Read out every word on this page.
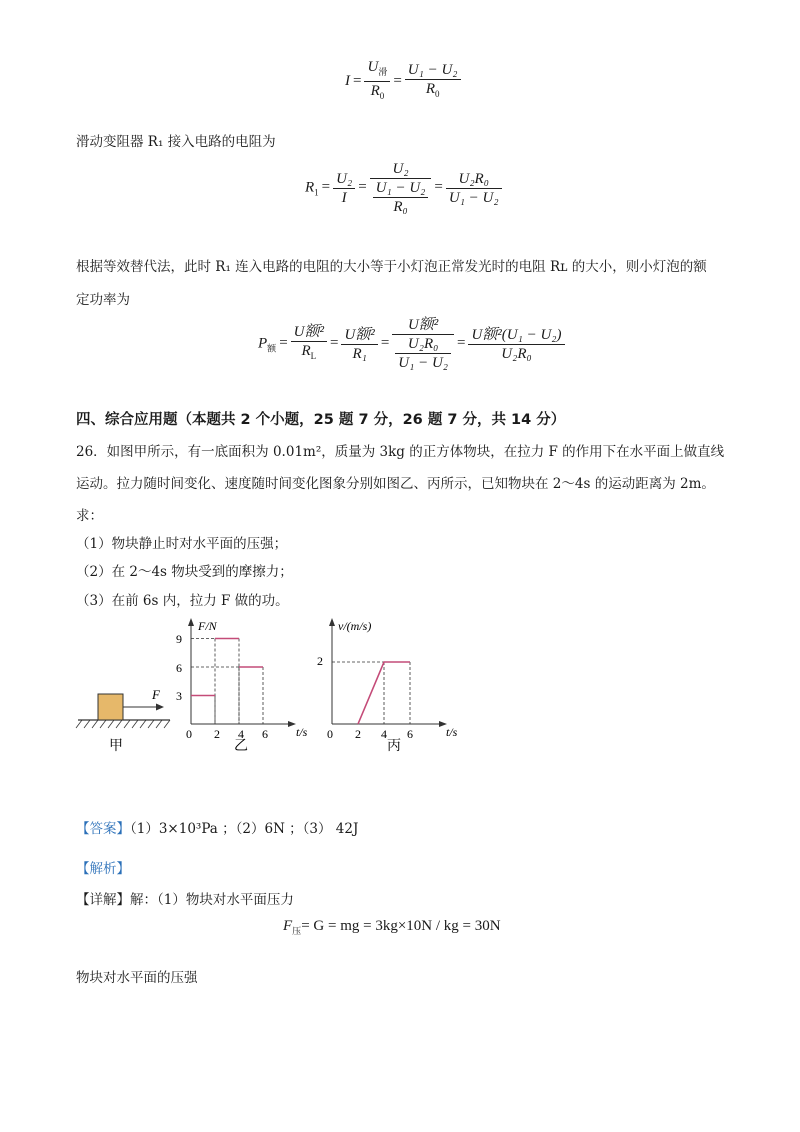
$I = \frac{U_滑}{R_0} = \frac{\text{U₁ − U₂}}{R_0}$
滑动变阻器 R₁ 接入电路的电阻为
$R_1 = \frac{\text{U₂}}{I} = \frac{\text{U₂}}{\frac{\text{U₁ − U₂}}{\text{R₀}}} = \frac{\text{U₂R₀}}{\text{U₁ − U₂}}$
根据等效替代法，此时 R₁ 连入电路的电阻的大小等于小灯泡正常发光时的电阻 Rʟ 的大小，则小灯泡的额
定功率为
$P_额 = \frac{\text{U额²}}{R_L} = \frac{\text{U额²}}{\text{R₁}} = \frac{\text{U额²}}{\frac{\text{U₂R₀}}{\text{U₁ − U₂}}} = \frac{\text{U额²(U₁ − U₂)}}{\text{U₂R₀}}$
四、综合应用题（本题共 2 个小题，25 题 7 分，26 题 7 分，共 14 分）
26．如图甲所示，有一底面积为 0.01m²，质量为 3kg 的正方体物块，在拉力 F 的作用下在水平面上做直线
运动。拉力随时间变化、速度随时间变化图象分别如图乙、丙所示，已知物块在 2～4s 的运动距离为 2m。
求：
（1）物块静止时对水平面的压强；
（2）在 2～4s 物块受到的摩擦力；
（3）在前 6s 内，拉力 F 做的功。
F
甲
F/N
t/s
9
6
3
0 2 4 6
乙
v/(m/s)
t/s
2
0 2 4 6
丙
【答案】（1）3×10³Pa ；（2）6N ；（3） 42J
【解析】
【详解】解：（1）物块对水平面压力
$F_压= G$ = mg = 3kg×10N / kg = 30N
物块对水平面的压强
